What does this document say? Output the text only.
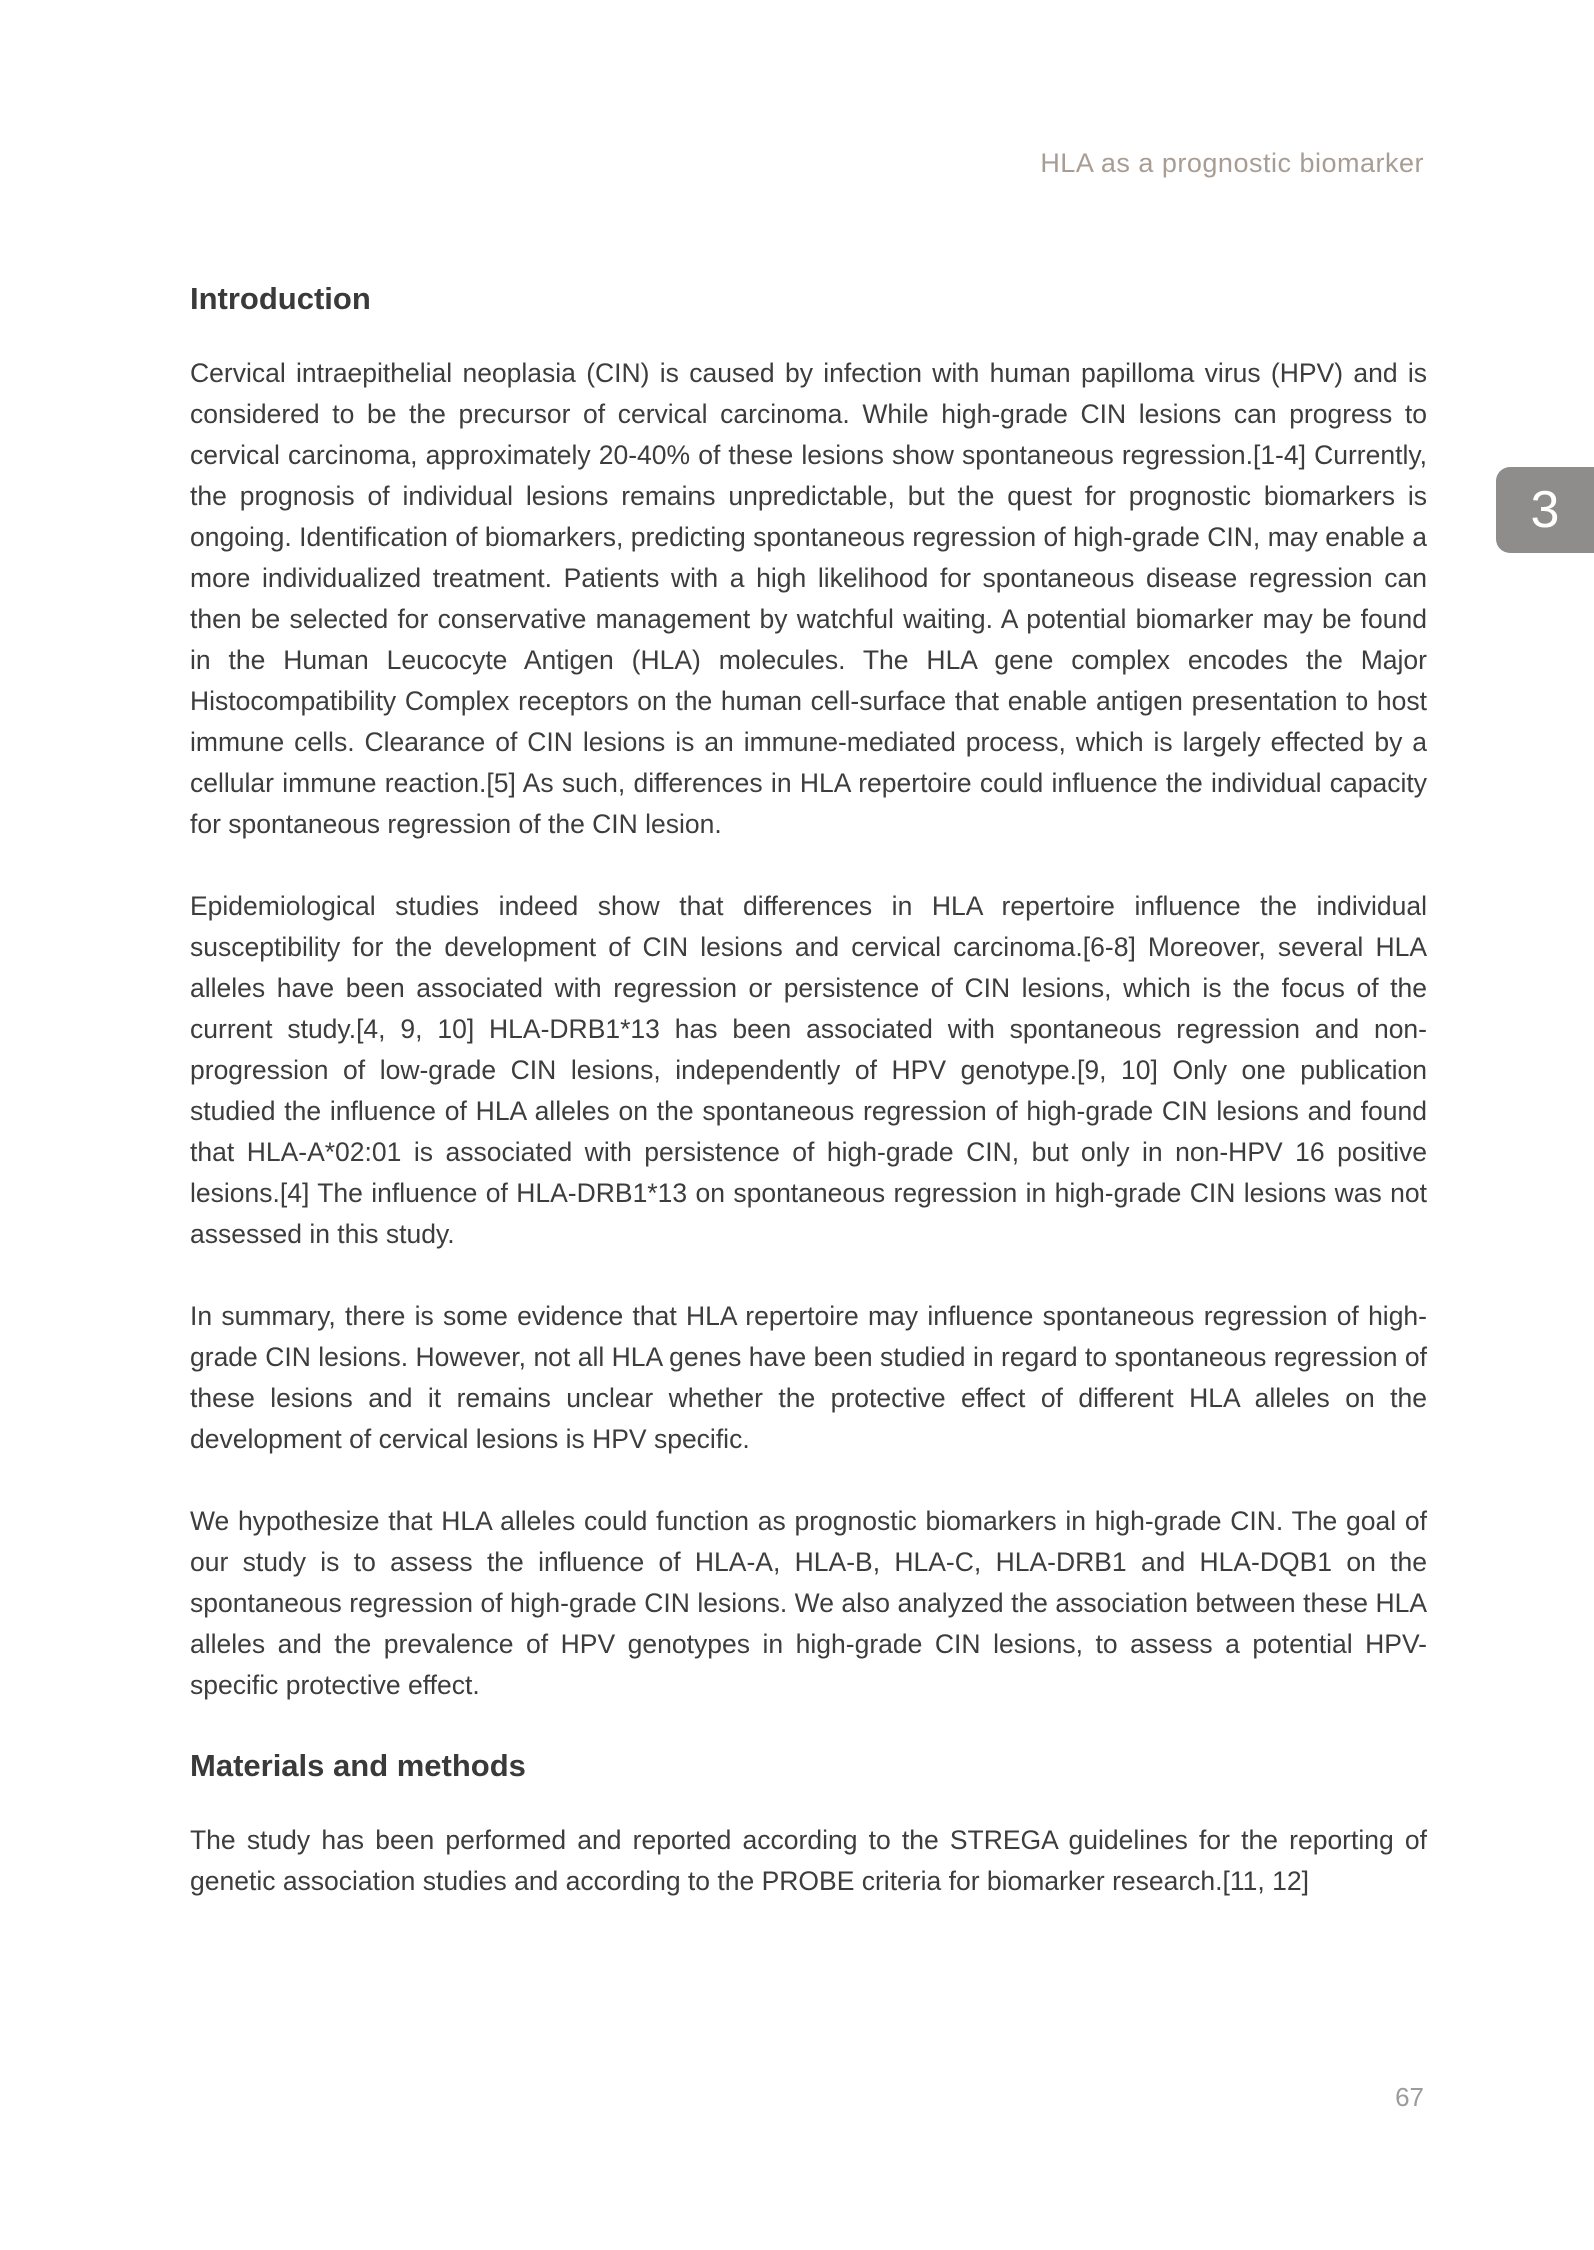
HLA as a prognostic biomarker
3
Introduction

Cervical intraepithelial neoplasia (CIN) is caused by infection with human papilloma virus (HPV) and is considered to be the precursor of cervical carcinoma. While high-grade CIN lesions can progress to cervical carcinoma, approximately 20-40% of these lesions show spontaneous regression.[1-4] Currently, the prognosis of individual lesions remains unpredictable, but the quest for prognostic biomarkers is ongoing. Identification of biomarkers, predicting spontaneous regression of high-grade CIN, may enable a more individualized treatment. Patients with a high likelihood for spontaneous disease regression can then be selected for conservative management by watchful waiting. A potential biomarker may be found in the Human Leucocyte Antigen (HLA) molecules. The HLA gene complex encodes the Major Histocompatibility Complex receptors on the human cell-surface that enable antigen presentation to host immune cells. Clearance of CIN lesions is an immune-mediated process, which is largely effected by a cellular immune reaction.[5] As such, differences in HLA repertoire could influence the individual capacity for spontaneous regression of the CIN lesion.

Epidemiological studies indeed show that differences in HLA repertoire influence the individual susceptibility for the development of CIN lesions and cervical carcinoma.[6-8] Moreover, several HLA alleles have been associated with regression or persistence of CIN lesions, which is the focus of the current study.[4, 9, 10] HLA-DRB1*13 has been associated with spontaneous regression and non-progression of low-grade CIN lesions, independently of HPV genotype.[9, 10] Only one publication studied the influence of HLA alleles on the spontaneous regression of high-grade CIN lesions and found that HLA-A*02:01 is associated with persistence of high-grade CIN, but only in non-HPV 16 positive lesions.[4] The influence of HLA-DRB1*13 on spontaneous regression in high-grade CIN lesions was not assessed in this study.

In summary, there is some evidence that HLA repertoire may influence spontaneous regression of high-grade CIN lesions. However, not all HLA genes have been studied in regard to spontaneous regression of these lesions and it remains unclear whether the protective effect of different HLA alleles on the development of cervical lesions is HPV specific.

We hypothesize that HLA alleles could function as prognostic biomarkers in high-grade CIN. The goal of our study is to assess the influence of HLA-A, HLA-B, HLA-C, HLA-DRB1 and HLA-DQB1 on the spontaneous regression of high-grade CIN lesions. We also analyzed the association between these HLA alleles and the prevalence of HPV genotypes in high-grade CIN lesions, to assess a potential HPV-specific protective effect.

Materials and methods

The study has been performed and reported according to the STREGA guidelines for the reporting of genetic association studies and according to the PROBE criteria for biomarker research.[11, 12]

67
